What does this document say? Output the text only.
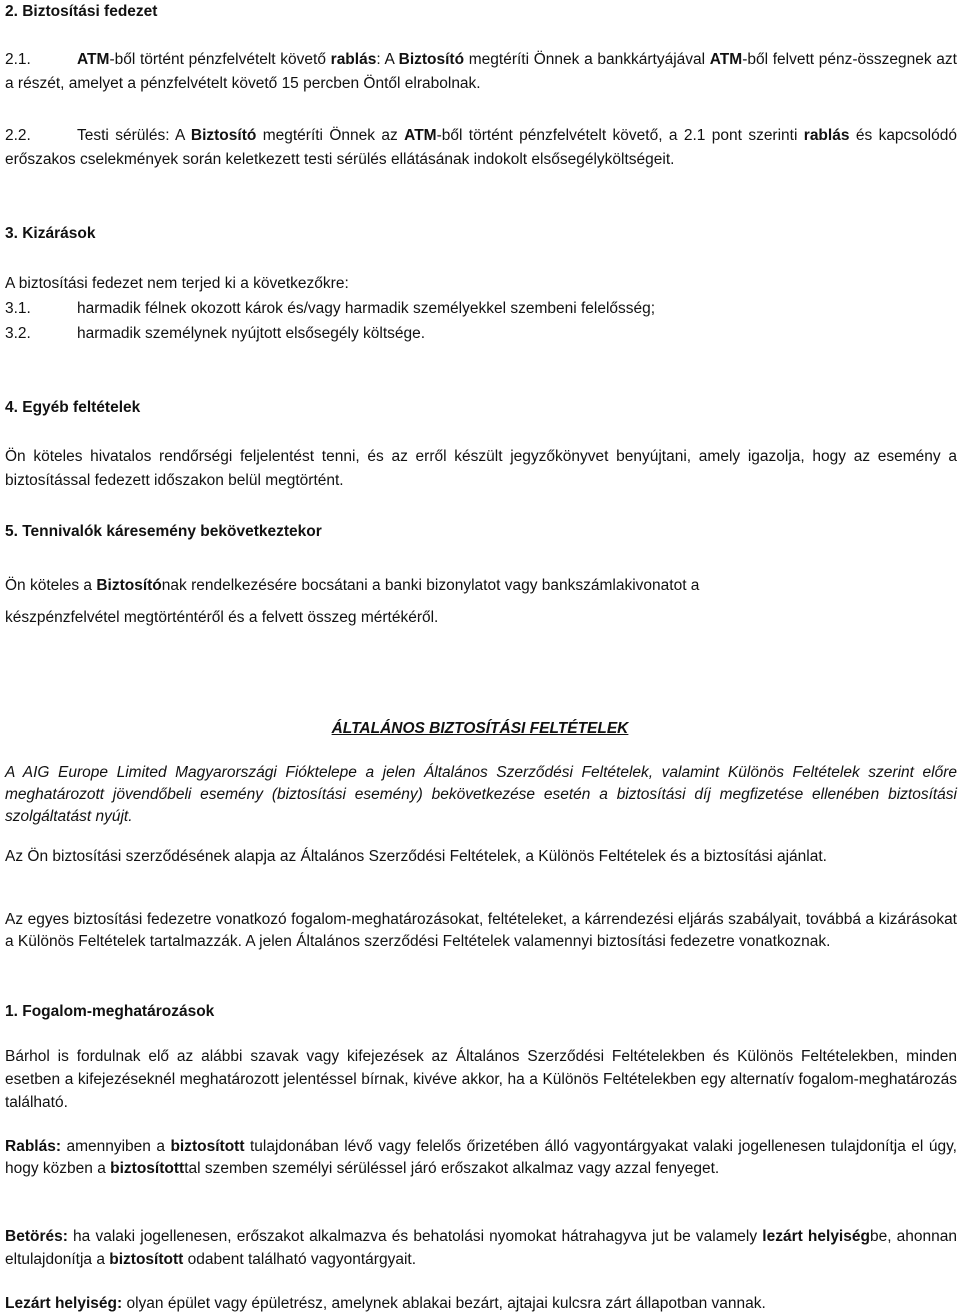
2. Biztosítási fedezet

2.1.	ATM-ből történt pénzfelvételt követő rablás: A Biztosító megtéríti Önnek a bankkártyájával ATM-ből felvett pénz-összegnek azt a részét, amelyet a pénzfelvételt követő 15 percben Öntől elrabolnak.

2.2.	Testi sérülés: A Biztosító megtéríti Önnek az ATM-ből történt pénzfelvételt követő, a 2.1 pont szerinti rablás és kapcsolódó erőszakos cselekmények során keletkezett testi sérülés ellátásának indokolt elsősegélyköltségeit.

3. Kizárások

A biztosítási fedezet nem terjed ki a következőkre:

3.1.	harmadik félnek okozott károk és/vagy harmadik személyekkel szembeni felelősség;

3.2.	harmadik személynek nyújtott elsősegély költsége.

4. Egyéb feltételek

Ön köteles hivatalos rendőrségi feljelentést tenni, és az erről készült jegyzőkönyvet benyújtani, amely igazolja, hogy az esemény a biztosítással fedezett időszakon belül megtörtént.

5. Tennivalók káresemény bekövetkeztekor

Ön köteles a Biztosítónak rendelkezésére bocsátani a banki bizonylatot vagy bankszámlakivonatot a

készpénzfelvétel megtörténtéről és a felvett összeg mértékéről.

ÁLTALÁNOS BIZTOSÍTÁSI FELTÉTELEK

A AIG Europe Limited Magyarországi Fióktelepe a jelen Általános Szerződési Feltételek, valamint Különös Feltételek szerint előre meghatározott jövendőbeli esemény (biztosítási esemény) bekövetkezése esetén a biztosítási díj megfizetése ellenében biztosítási szolgáltatást nyújt.

Az Ön biztosítási szerződésének alapja az Általános Szerződési Feltételek, a Különös Feltételek és a biztosítási ajánlat.

Az egyes biztosítási fedezetre vonatkozó fogalom-meghatározásokat, feltételeket, a kárrendezési eljárás szabályait, továbbá a kizárásokat a Különös Feltételek tartalmazzák. A jelen Általános szerződési Feltételek valamennyi biztosítási fedezetre vonatkoznak.

1. Fogalom-meghatározások

Bárhol is fordulnak elő az alábbi szavak vagy kifejezések az Általános Szerződési Feltételekben és Különös Feltételekben, minden esetben a kifejezéseknél meghatározott jelentéssel bírnak, kivéve akkor, ha a Különös Feltételekben egy alternatív fogalom-meghatározás található.

Rablás: amennyiben a biztosított tulajdonában lévő vagy felelős őrizetében álló vagyontárgyakat valaki jogellenesen tulajdonítja el úgy, hogy közben a biztosítotttal szemben személyi sérüléssel járó erőszakot alkalmaz vagy azzal fenyeget.

Betörés: ha valaki jogellenesen, erőszakot alkalmazva és behatolási nyomokat hátrahagyva jut be valamely lezárt helyiségbe, ahonnan eltulajdonítja a biztosított odabent található vagyontárgyait.

Lezárt helyiség: olyan épület vagy épületrész, amelynek ablakai bezárt, ajtajai kulcsra zárt állapotban vannak.
